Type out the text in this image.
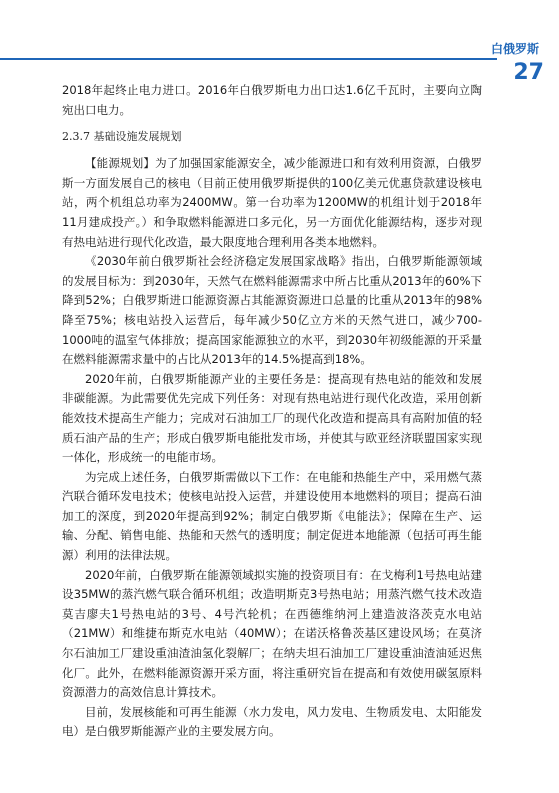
白俄罗斯
27

2018年起终止电力进口。2016年白俄罗斯电力出口达1.6亿千瓦时，主要向立陶宛出口电力。

2.3.7 基础设施发展规划

【能源规划】为了加强国家能源安全，减少能源进口和有效利用资源，白俄罗斯一方面发展自己的核电（目前正使用俄罗斯提供的100亿美元优惠贷款建设核电站，两个机组总功率为2400MW。第一台功率为1200MW的机组计划于2018年11月建成投产。）和争取燃料能源进口多元化，另一方面优化能源结构，逐步对现有热电站进行现代化改造，最大限度地合理利用各类本地燃料。

《2030年前白俄罗斯社会经济稳定发展国家战略》指出，白俄罗斯能源领域的发展目标为：到2030年，天然气在燃料能源需求中所占比重从2013年的60%下降到52%；白俄罗斯进口能源资源占其能源资源进口总量的比重从2013年的98%降至75%；核电站投入运营后，每年减少50亿立方米的天然气进口，减少700-1000吨的温室气体排放；提高国家能源独立的水平，到2030年初级能源的开采量在燃料能源需求量中的占比从2013年的14.5%提高到18%。

2020年前，白俄罗斯能源产业的主要任务是：提高现有热电站的能效和发展非碳能源。为此需要优先完成下列任务：对现有热电站进行现代化改造，采用创新能效技术提高生产能力；完成对石油加工厂的现代化改造和提高具有高附加值的轻质石油产品的生产；形成白俄罗斯电能批发市场，并使其与欧亚经济联盟国家实现一体化，形成统一的电能市场。

为完成上述任务，白俄罗斯需做以下工作：在电能和热能生产中，采用燃气蒸汽联合循环发电技术；使核电站投入运营，并建设使用本地燃料的项目；提高石油加工的深度，到2020年提高到92%；制定白俄罗斯《电能法》；保障在生产、运输、分配、销售电能、热能和天然气的透明度；制定促进本地能源（包括可再生能源）利用的法律法规。

2020年前，白俄罗斯在能源领域拟实施的投资项目有：在戈梅利1号热电站建设35MW的蒸汽燃气联合循环机组；改造明斯克3号热电站；用蒸汽燃气技术改造莫吉廖夫1号热电站的3号、4号汽轮机；在西德维纳河上建造波洛茨克水电站（21MW）和维捷布斯克水电站（40MW）；在诺沃格鲁茨基区建设风场；在莫济尔石油加工厂建设重油渣油氢化裂解厂；在纳夫坦石油加工厂建设重油渣油延迟焦化厂。此外，在燃料能源资源开采方面，将注重研究旨在提高和有效使用碳氢原料资源潜力的高效信息计算技术。

目前，发展核能和可再生能源（水力发电，风力发电、生物质发电、太阳能发电）是白俄罗斯能源产业的主要发展方向。
